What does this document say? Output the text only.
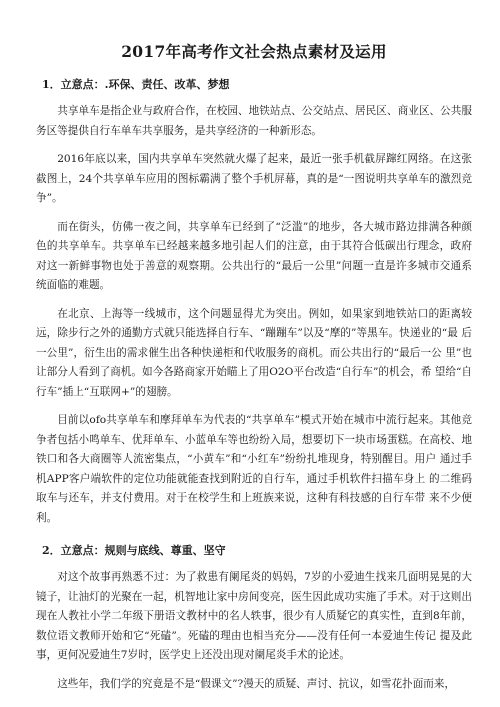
2017年高考作文社会热点素材及运用
1．立意点：.环保、责任、改革、梦想

共享单车是指企业与政府合作，在校园、地铁站点、公交站点、居民区、商业区、公共服务区等提供自行车单车共享服务，是共享经济的一种新形态。

2016年底以来，国内共享单车突然就火爆了起来，最近一张手机截屏蹿红网络。在这张截图上，24个共享单车应用的图标霸满了整个手机屏幕，真的是“一图说明共享单车的激烈竞争”。

而在街头，仿佛一夜之间，共享单车已经到了“泛滥”的地步，各大城市路边排满各种颜 色的共享单车。共享单车已经越来越多地引起人们的注意，由于其符合低碳出行理念，政府 对这一新鲜事物也处于善意的观察期。公共出行的“最后一公里”问题一直是许多城市交通系 统面临的难题。

在北京、上海等一线城市，这个问题显得尤为突出。例如，如果家到地铁站口的距离较远，除步行之外的通勤方式就只能选择自行车、“蹦蹦车”以及“摩的”等黑车。快递业的“最 后一公里”，衍生出的需求催生出各种快递柜和代收服务的商机。而公共出行的“最后一公 里”也让部分人看到了商机。如今各路商家开始瞄上了用O2O平台改造“自行车”的机会，希 望给“自行车”插上“互联网+”的翅膀。

目前以ofo共享单车和摩拜单车为代表的“共享单车”模式开始在城市中流行起来。其他竞争者包括小鸣单车、优拜单车、小蓝单车等也纷纷入局，想要切下一块市场蛋糕。在高校、地铁口和各大商圈等人流密集点，“小黄车”和“小红车”纷纷扎堆现身，特别醒目。用户 通过手机APP客户端软件的定位功能就能查找到附近的自行车，通过手机软件扫描车身上 的二维码取车与还车，并支付费用。对于在校学生和上班族来说，这种有科技感的自行车带 来不少便利。

2．立意点：规则与底线、尊重、坚守

对这个故事再熟悉不过：为了救患有阑尾炎的妈妈，7岁的小爱迪生找来几面明晃晃的大镜子，让油灯的光聚在一起，机智地让家中房间变亮，医生因此成功实施了手术。对于这则出现在人教社小学二年级下册语文教材中的名人轶事，很少有人质疑它的真实性，直到8年前，数位语文教师开始和它“死磕”。死磕的理由也相当充分——没有任何一本爱迪生传记 提及此事，更何况爱迪生7岁时，医学史上还没出现对阑尾炎手术的论述。

这些年，我们学的究竟是不是“假课文”?漫天的质疑、声讨、抗议，如雪花扑面而来，
